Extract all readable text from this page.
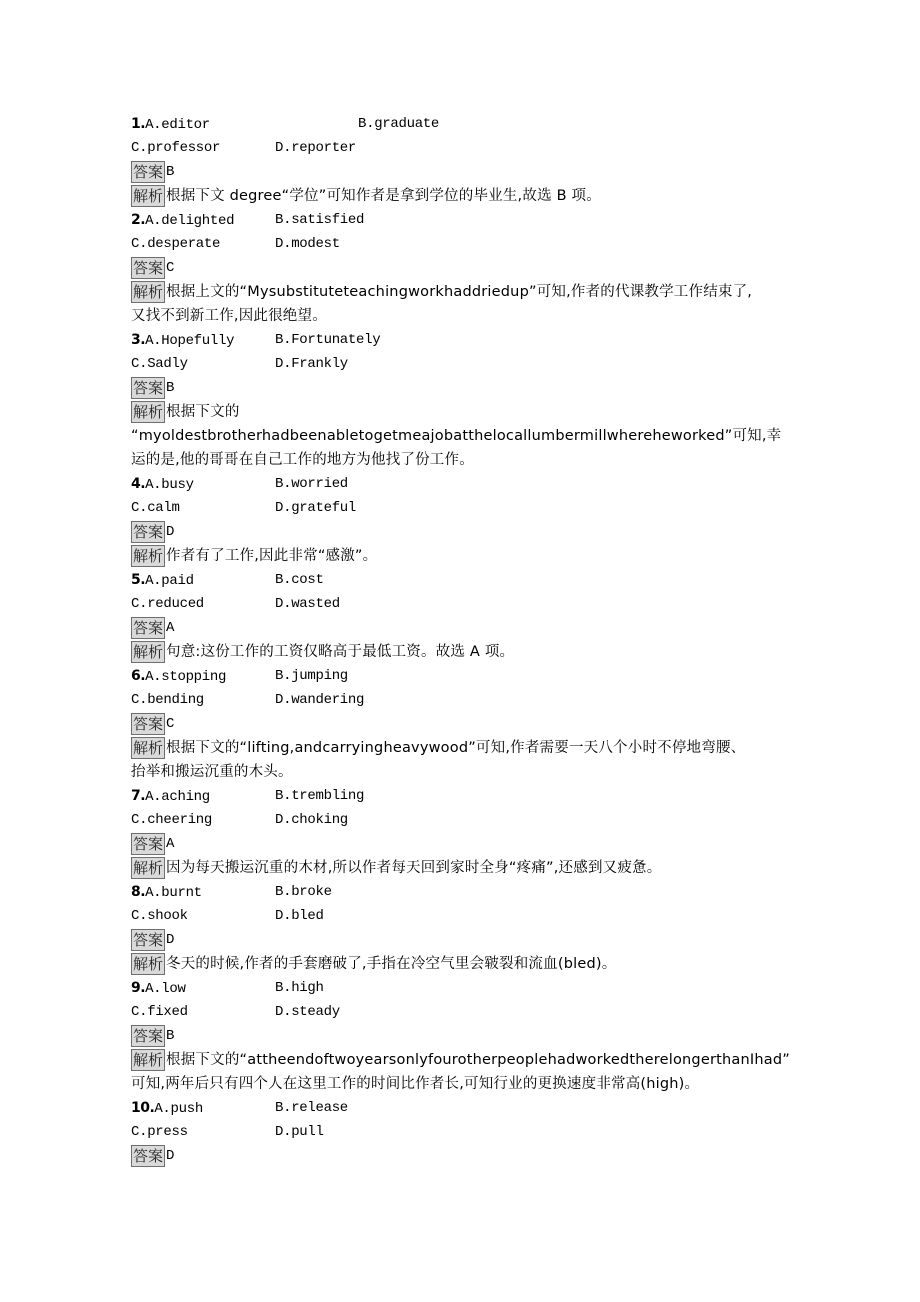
1.A.editor	B.graduate
C.professor	D.reporter
答案 B
解析 根据下文 degree“学位”可知作者是拿到学位的毕业生,故选 B 项。
2.A.delighted	B.satisfied
C.desperate	D.modest
答案 C
解析 根据上文的“Mysubstituteteachingworkhaddriedup”可知,作者的代课教学工作结束了,
又找不到新工作,因此很绝望。
3.A.Hopefully	B.Fortunately
C.Sadly	D.Frankly
答案 B
解析 根据下文的
“myoldestbrotherhadbeenabletogetmeajobatthelocallumbermillwhereheworked”可知,幸
运的是,他的哥哥在自己工作的地方为他找了份工作。
4.A.busy	B.worried
C.calm	D.grateful
答案 D
解析 作者有了工作,因此非常“感激”。
5.A.paid	B.cost
C.reduced	D.wasted
答案 A
解析 句意:这份工作的工资仅略高于最低工资。故选 A 项。
6.A.stopping	B.jumping
C.bending	D.wandering
答案 C
解析 根据下文的“lifting,andcarryingheavywood”可知,作者需要一天八个小时不停地弯腰、
抬举和搬运沉重的木头。
7.A.aching	B.trembling
C.cheering	D.choking
答案 A
解析 因为每天搬运沉重的木材,所以作者每天回到家时全身“疼痛”,还感到又疲惫。
8.A.burnt	B.broke
C.shook	D.bled
答案 D
解析 冬天的时候,作者的手套磨破了,手指在冷空气里会皲裂和流血(bled)。
9.A.low	B.high
C.fixed	D.steady
答案 B
解析 根据下文的“attheendoftwoyearsonlyfourotherpeoplehadworkedtherelongerthanIhad”
可知,两年后只有四个人在这里工作的时间比作者长,可知行业的更换速度非常高(high)。
10.A.push	B.release
C.press	D.pull
答案 D
